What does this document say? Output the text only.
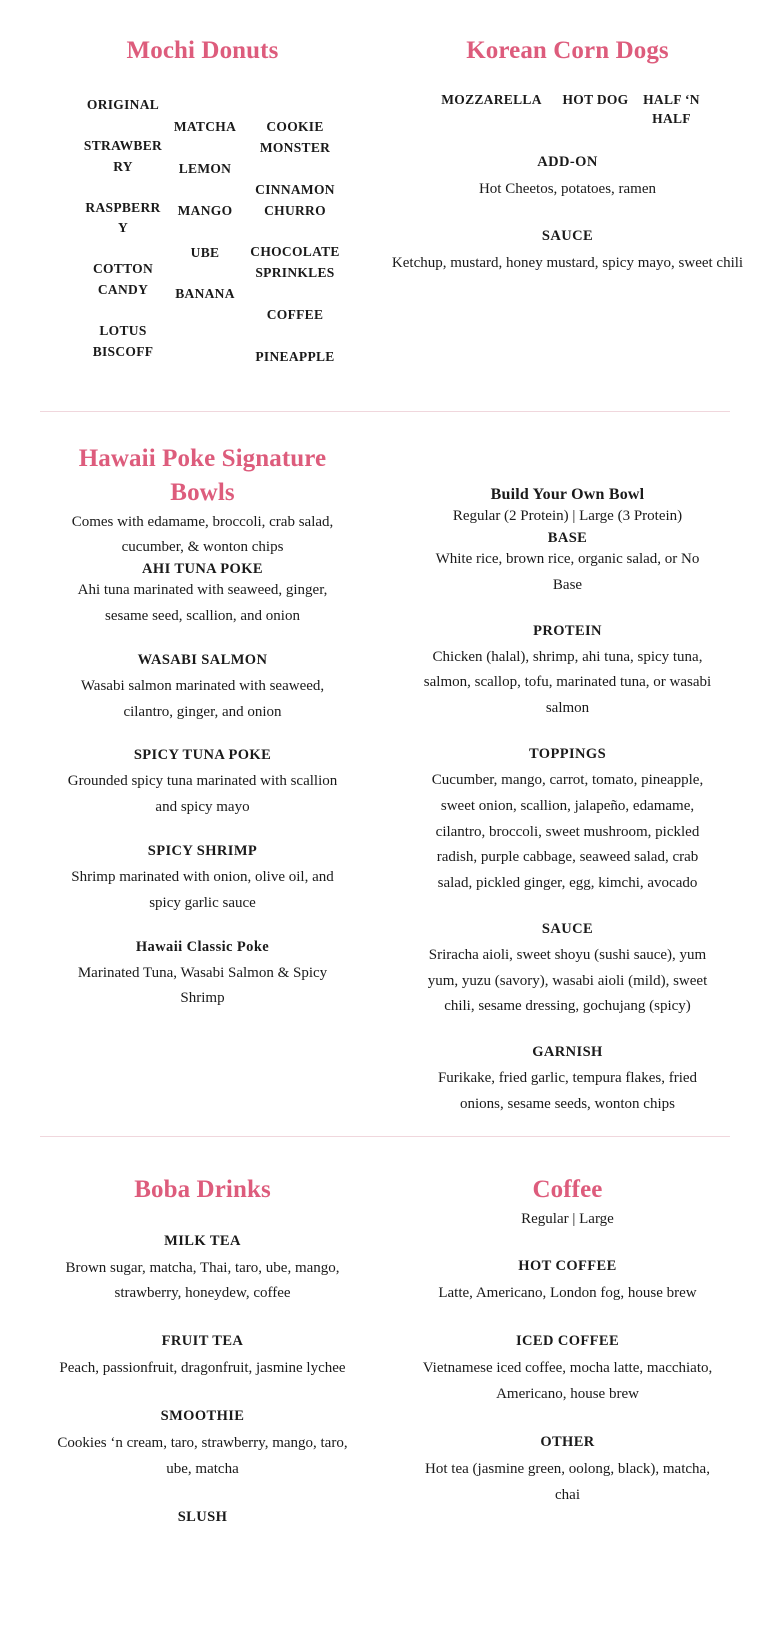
Mochi Donuts
ORIGINAL
STRAWBERRY
RASPBERRY
COTTON CANDY
LOTUS BISCOFF
MATCHA
LEMON
MANGO
UBE
BANANA
COOKIE MONSTER
CINNAMON CHURRO
CHOCOLATE SPRINKLES
COFFEE
PINEAPPLE
Korean Corn Dogs
MOZZARELLA	HOT DOG	HALF ‘N HALF
ADD-ON
Hot Cheetos, potatoes, ramen
SAUCE
Ketchup, mustard, honey mustard, spicy mayo, sweet chili
Hawaii Poke Signature Bowls
Comes with edamame, broccoli, crab salad, cucumber, & wonton chips
AHI TUNA POKE
Ahi tuna marinated with seaweed, ginger, sesame seed, scallion, and onion
WASABI SALMON
Wasabi salmon marinated with seaweed, cilantro, ginger, and onion
SPICY TUNA POKE
Grounded spicy tuna marinated with scallion and spicy mayo
SPICY SHRIMP
Shrimp marinated with onion, olive oil, and spicy garlic sauce
Hawaii Classic Poke
Marinated Tuna, Wasabi Salmon & Spicy Shrimp
Build Your Own Bowl
Regular (2 Protein) | Large (3 Protein)
BASE
White rice, brown rice, organic salad, or No Base
PROTEIN
Chicken (halal), shrimp, ahi tuna, spicy tuna, salmon, scallop, tofu, marinated tuna, or wasabi salmon
TOPPINGS
Cucumber, mango, carrot, tomato, pineapple, sweet onion, scallion, jalapeño, edamame, cilantro, broccoli, sweet mushroom, pickled radish, purple cabbage, seaweed salad, crab salad, pickled ginger, egg, kimchi, avocado
SAUCE
Sriracha aioli, sweet shoyu (sushi sauce), yum yum, yuzu (savory), wasabi aioli (mild), sweet chili, sesame dressing, gochujang (spicy)
GARNISH
Furikake, fried garlic, tempura flakes, fried onions, sesame seeds, wonton chips
Boba Drinks
MILK TEA
Brown sugar, matcha, Thai, taro, ube, mango, strawberry, honeydew, coffee
FRUIT TEA
Peach, passionfruit, dragonfruit, jasmine lychee
SMOOTHIE
Cookies ‘n cream, taro, strawberry, mango, taro, ube, matcha
SLUSH
Coffee
Regular | Large
HOT COFFEE
Latte, Americano, London fog, house brew
ICED COFFEE
Vietnamese iced coffee, mocha latte, macchiato, Americano, house brew
OTHER
Hot tea (jasmine green, oolong, black), matcha, chai
